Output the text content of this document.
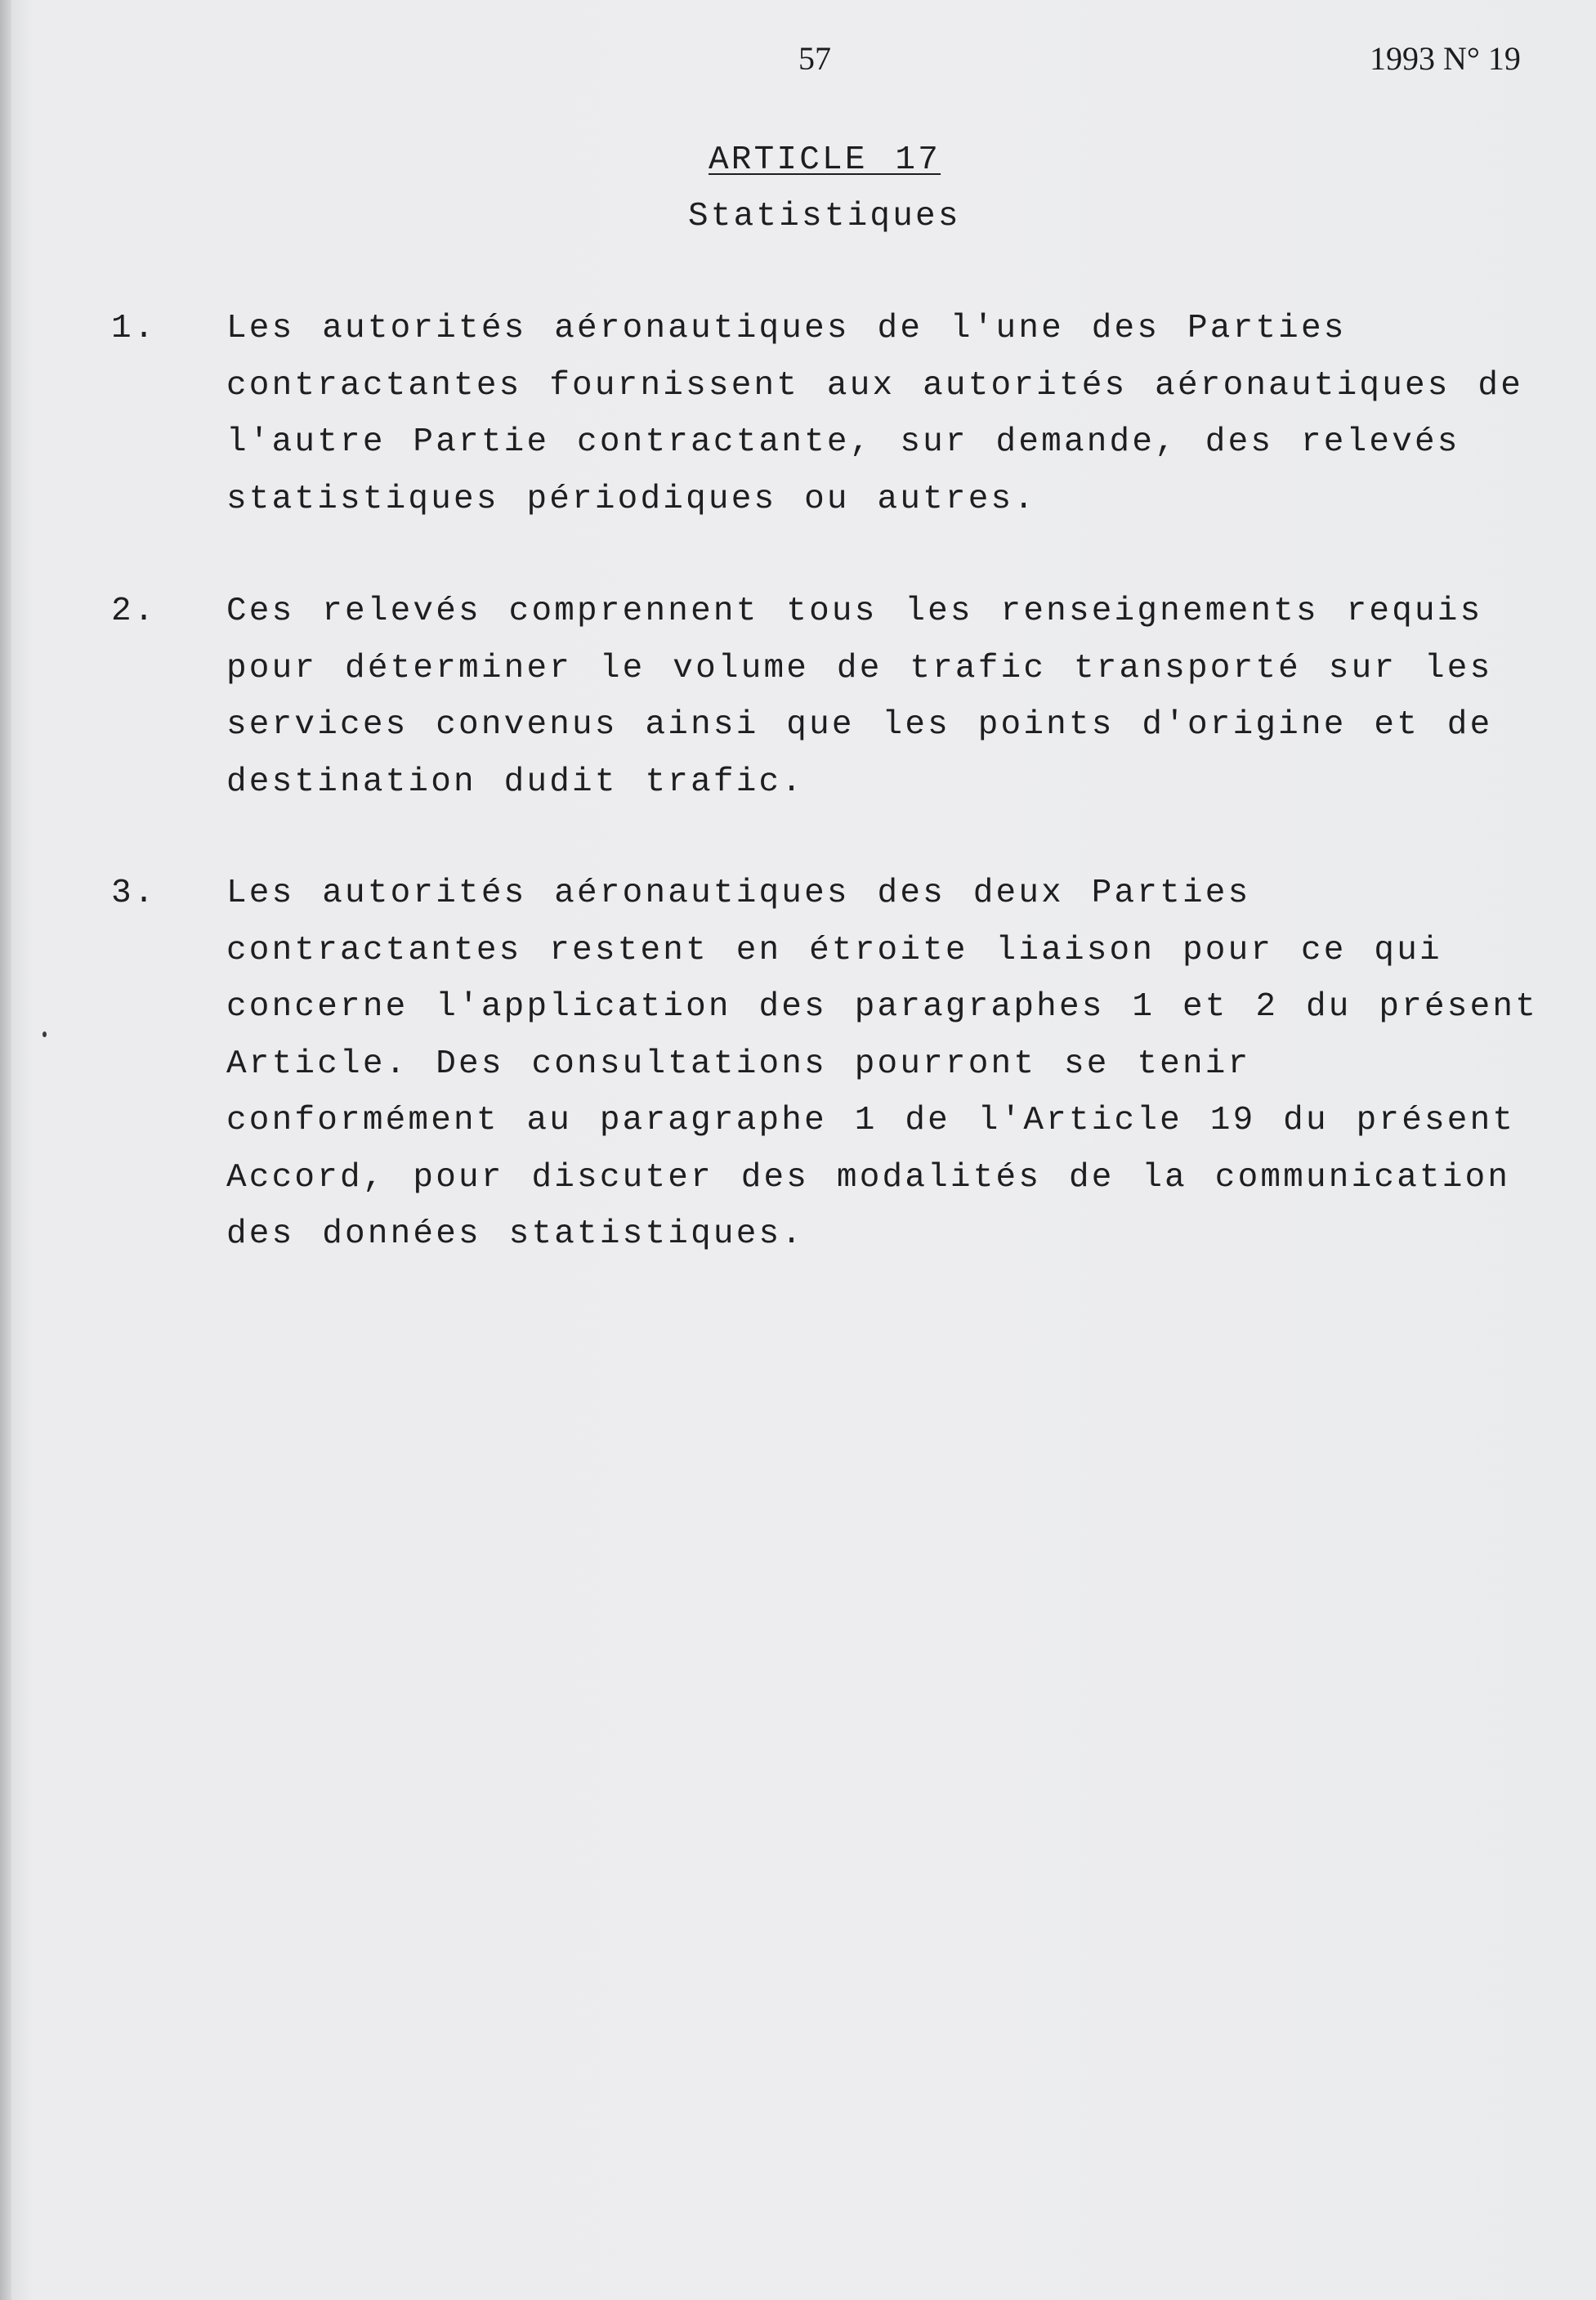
57	1993 N° 19
ARTICLE 17
Statistiques
1. Les autorités aéronautiques de l'une des Parties
contractantes fournissent aux autorités aéronautiques de
l'autre Partie contractante, sur demande, des relevés
statistiques périodiques ou autres.
2. Ces relevés comprennent tous les renseignements requis
pour déterminer le volume de trafic transporté sur les
services convenus ainsi que les points d'origine et de
destination dudit trafic.
3. Les autorités aéronautiques des deux Parties
contractantes restent en étroite liaison pour ce qui
concerne l'application des paragraphes 1 et 2 du présent
Article. Des consultations pourront se tenir
conformément au paragraphe 1 de l'Article 19 du présent
Accord, pour discuter des modalités de la communication
des données statistiques.
